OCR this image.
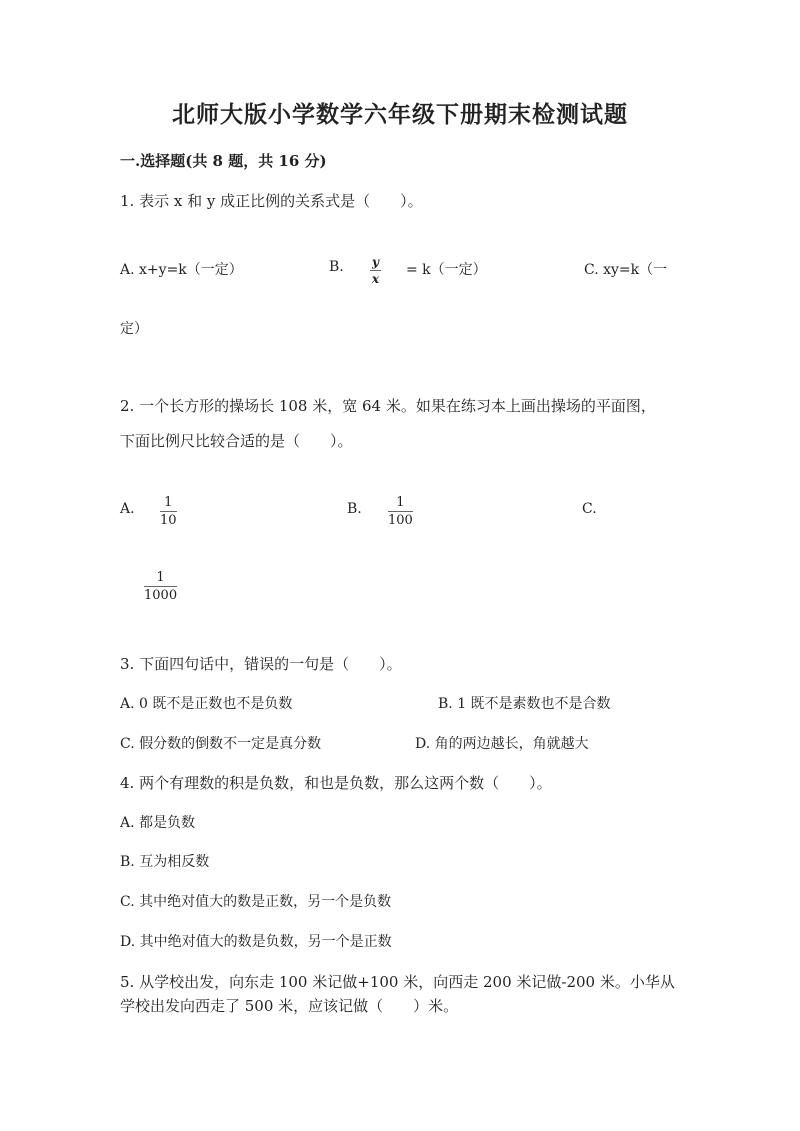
北师大版小学数学六年级下册期末检测试题
一.选择题(共 8 题，共 16 分)
1. 表示 x 和 y 成正比例的关系式是（　　）。
A. x+y=k（一定）	B. y
x
= k（一定）	C. xy=k（一
定）
2. 一个长方形的操场长 108 米，宽 64 米。如果在练习本上画出操场的平面图，
下面比例尺比较合适的是（　　）。
A. 1
10
B.	1
100
C.
1
1000
3. 下面四句话中，错误的一句是（　　）。
A. 0 既不是正数也不是负数	B. 1 既不是素数也不是合数
C. 假分数的倒数不一定是真分数	D. 角的两边越长，角就越大
4. 两个有理数的积是负数，和也是负数，那么这两个数（　　）。
A. 都是负数
B. 互为相反数
C. 其中绝对值大的数是正数，另一个是负数
D. 其中绝对值大的数是负数，另一个是正数
5. 从学校出发，向东走 100 米记做+100 米，向西走 200 米记做-200 米。小华从
学校出发向西走了 500 米，应该记做（　　）米。
